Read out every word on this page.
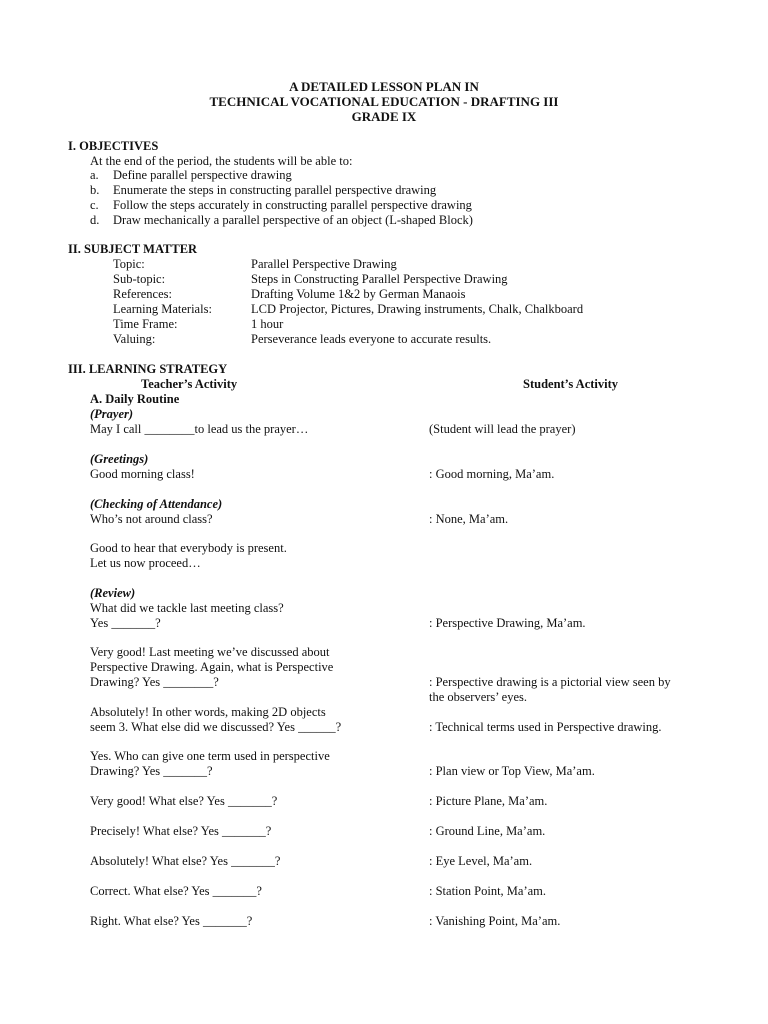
A DETAILED LESSON PLAN IN
TECHNICAL VOCATIONAL EDUCATION - DRAFTING III
GRADE IX
I. OBJECTIVES
At the end of the period, the students will be able to:
a. Define parallel perspective drawing
b. Enumerate the steps in constructing parallel perspective drawing
c. Follow the steps accurately in constructing parallel perspective drawing
d. Draw mechanically a parallel perspective of an object (L-shaped Block)
II. SUBJECT MATTER
Topic:	Parallel Perspective Drawing
Sub-topic:	Steps in Constructing Parallel Perspective Drawing
References:	Drafting Volume 1&2 by German Manaois
Learning Materials:	LCD Projector, Pictures, Drawing instruments, Chalk, Chalkboard
Time Frame:	1 hour
Valuing:	Perseverance leads everyone to accurate results.
III. LEARNING STRATEGY
Teacher’s Activity	Student’s Activity
A. Daily Routine
(Prayer)
May I call ________to lead us the prayer…	(Student will lead the prayer)
(Greetings)
Good morning class!	: Good morning, Ma’am.
(Checking of Attendance)
Who’s not around class?	: None, Ma’am.
Good to hear that everybody is present.
Let us now proceed…
(Review)
What did we tackle last meeting class?
Yes _______?	: Perspective Drawing, Ma’am.
Very good! Last meeting we’ve discussed about
Perspective Drawing. Again, what is Perspective
Drawing? Yes ________?	: Perspective drawing is a pictorial view seen by
the observers’ eyes.
Absolutely! In other words, making 2D objects
seem 3. What else did we discussed? Yes ______?	: Technical terms used in Perspective drawing.
Yes. Who can give one term used in perspective
Drawing? Yes _______?	: Plan view or Top View, Ma’am.
Very good! What else? Yes _______?	: Picture Plane, Ma’am.
Precisely! What else? Yes _______?	: Ground Line, Ma’am.
Absolutely! What else? Yes _______?	: Eye Level, Ma’am.
Correct. What else? Yes _______?	: Station Point, Ma’am.
Right. What else? Yes _______?	: Vanishing Point, Ma’am.
